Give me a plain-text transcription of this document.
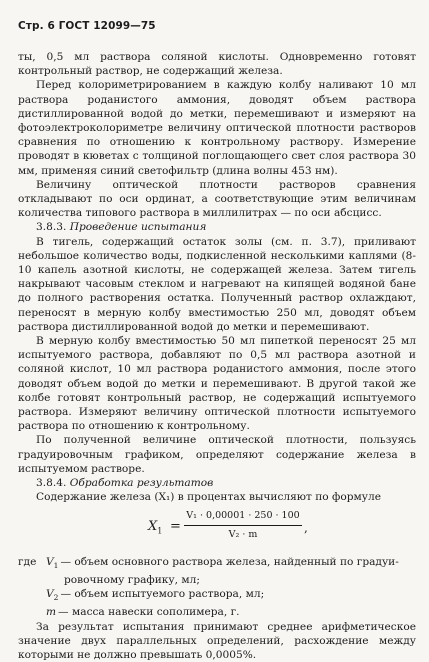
Стр. 6 ГОСТ 12099—75

ты, 0,5 мл раствора соляной кислоты. Одновременно готовят контрольный раствор, не содержащий железа.

Перед колориметрированием в каждую колбу наливают 10 мл раствора роданистого аммония, доводят объем раствора дистиллированной водой до метки, перемешивают и измеряют на фотоэлектроколориметре величину оптической плотности растворов сравнения по отношению к контрольному раствору. Измерение проводят в кюветах с толщиной поглощающего свет слоя раствора 30 мм, применяя синий светофильтр (длина волны 453 нм).

Величину оптической плотности растворов сравнения откладывают по оси ординат, а соответствующие этим величинам количества типового раствора в миллилитрах — по оси абсцисс.

3.8.3. Проведение испытания

В тигель, содержащий остаток золы (см. п. 3.7), приливают небольшое количество воды, подкисленной несколькими каплями (8- 10 капель азотной кислоты, не содержащей железа. Затем тигель накрывают часовым стеклом и нагревают на кипящей водяной бане до полного растворения остатка. Полученный раствор охлаждают, переносят в мерную колбу вместимостью 250 мл, доводят объем раствора дистиллированной водой до метки и перемешивают.

В мерную колбу вместимостью 50 мл пипеткой переносят 25 мл испытуемого раствора, добавляют по 0,5 мл раствора азотной и соляной кислот, 10 мл раствора роданистого аммония, после этого доводят объем водой до метки и перемешивают. В другой такой же колбе готовят контрольный раствор, не содержащий испытуемого раствора. Измеряют величину оптической плотности испытуемого раствора по отношению к контрольному.

По полученной величине оптической плотности, пользуясь градуировочным графиком, определяют содержание железа в испытуемом растворе.

3.8.4. Обработка результатов

Содержание железа (X₁) в процентах вычисляют по формуле

$X_1$ =
V₁ · 0,00001 · 250 · 100
V₂ · m	,
где $V_1$ — объем основного раствора железа, найденный по градуи-
ровочному графику, мл;
$V_2$ — объем испытуемого раствора, мл;
m — масса навески сополимера, г.

За результат испытания принимают среднее арифметическое значение двух параллельных определений, расхождение между которыми не должно превышать 0,0005%.
